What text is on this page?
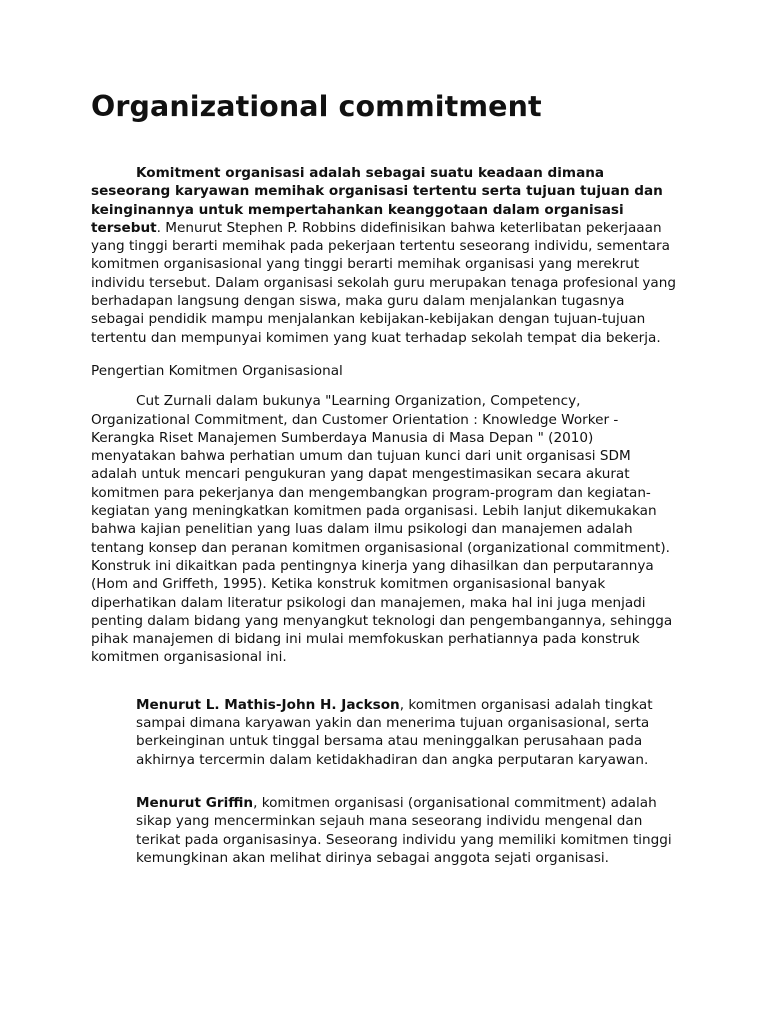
Organizational commitment

Komitment organisasi adalah sebagai suatu keadaan dimana seseorang karyawan memihak organisasi tertentu serta tujuan tujuan dan keinginannya untuk mempertahankan keanggotaan dalam organisasi tersebut. Menurut Stephen P. Robbins didefinisikan bahwa keterlibatan pekerjaaan yang tinggi berarti memihak pada pekerjaan tertentu seseorang individu, sementara komitmen organisasional yang tinggi berarti memihak organisasi yang merekrut individu tersebut. Dalam organisasi sekolah guru merupakan tenaga profesional yang berhadapan langsung dengan siswa, maka guru dalam menjalankan tugasnya sebagai pendidik mampu menjalankan kebijakan-kebijakan dengan tujuan-tujuan tertentu dan mempunyai komimen yang kuat terhadap sekolah tempat dia bekerja.

Pengertian Komitmen Organisasional

Cut Zurnali dalam bukunya "Learning Organization, Competency, Organizational Commitment, dan Customer Orientation : Knowledge Worker - Kerangka Riset Manajemen Sumberdaya Manusia di Masa Depan " (2010) menyatakan bahwa perhatian umum dan tujuan kunci dari unit organisasi SDM adalah untuk mencari pengukuran yang dapat mengestimasikan secara akurat komitmen para pekerjanya dan mengembangkan program-program dan kegiatan-kegiatan yang meningkatkan komitmen pada organisasi. Lebih lanjut dikemukakan bahwa kajian penelitian yang luas dalam ilmu psikologi dan manajemen adalah tentang konsep dan peranan komitmen organisasional (organizational commitment). Konstruk ini dikaitkan pada pentingnya kinerja yang dihasilkan dan perputarannya (Hom and Griffeth, 1995). Ketika konstruk komitmen organisasional banyak diperhatikan dalam literatur psikologi dan manajemen, maka hal ini juga menjadi penting dalam bidang yang menyangkut teknologi dan pengembangannya, sehingga pihak manajemen di bidang ini mulai memfokuskan perhatiannya pada konstruk komitmen organisasional ini.

Menurut L. Mathis-John H. Jackson, komitmen organisasi adalah tingkat sampai dimana karyawan yakin dan menerima tujuan organisasional, serta berkeinginan untuk tinggal bersama atau meninggalkan perusahaan pada akhirnya tercermin dalam ketidakhadiran dan angka perputaran karyawan.

Menurut Griffin, komitmen organisasi (organisational commitment) adalah sikap yang mencerminkan sejauh mana seseorang individu mengenal dan terikat pada organisasinya. Seseorang individu yang memiliki komitmen tinggi kemungkinan akan melihat dirinya sebagai anggota sejati organisasi.
